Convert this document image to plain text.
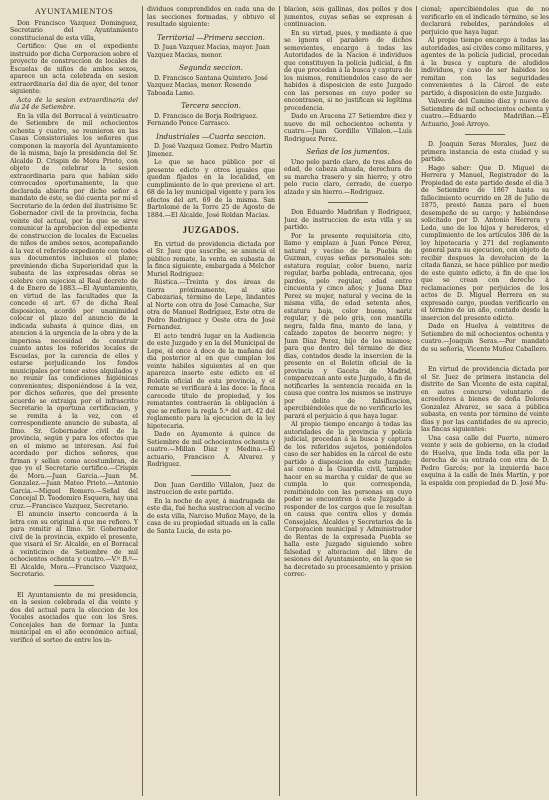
AYUNTAMIENTOS

Don Francisco Vazquez Dominguez, Secretario del Ayuntamiento constitucional de esta villa,

Certifico: Que en el expediente instruido por dicha Corporacion sobre el proyecto de construccion de locales de Escuelas de niños de ambos sexos, aparece un acta celebrada en sesion extraordinaria del dia de ayer, del tenor siguiente:

Acta de la sesion extraordinaria del dia 24 de Setiembre.

En la villa del Borracal á veinticuatro de Setiembre de mil ochocientos ochenta y cuatro, se reunieron en las Casas Consistoriales los señores que componen la mayoría del Ayuntamiento de la misma, bajo la presidencia del Sr. Alcalde D. Crispin de Mora Prieto, con objeto de celebrar la sesion extraordinaria para que habían sido convocados oportunamente, la que declarada abierta por dicho señor á mandato de éste, se dió cuenta por mí el Secretario de la órden del ilustrísimo Sr. Gobernador civil de la provincia, fecha veinte del actual, por la que se sirve comunicar la aprobacion del expediente de construccion de locales de Escuelas de niños de ambos sexos, acompañando á la vez el referido expediente con todos sus documentos inclusos el plano; previniendo dicha Superioridad que la subasta de las expresadas obras se celebre con sujecion al Real decreto de 4 de Enero de 1883.—El Ayuntamiento, en virtud de las facultades que la concede el art. 67 de dicha Real disposicion, acordó por unanimidad colocar el plazo del anuncio de la indicada subasta á quince dias, en atencion á la urgencia de la obra y de la imperiosa necesidad de construir cuanto antes los referidos locales de Escuelas, por la carencia de ellos y estarse perjudicando los fondos municipales por tener estos alquilados y no reunir las condiciones higiénicas convenientes; disponiéndose á la vez, por dichos señores, que del presente acuerdo se extraiga por el infrascrito Secretario la oportuna certificacion, y se remita á la vez, con el correspondiente anuncio de subasta, al Ilmo. Sr. Gobernador civil de la provincia, según y para los efectos que en el mismo se interesan. Así fué acordado por dichos señores, que firman y sellan como acostumbran, de que yo el Secretario certifico.—Crispin de Mora.—Juan Garcia.—Juan M. Gonzalez.—Juan Mateo Prieto.—Antonio Garcia.—Miguel Romero.—Señal del Concejal D. Teodomiro Esquera, hay una cruz.—Francisco Vazquez, Secretario.

El anuncio inserto concuerda á la letra con su original á que me refiero. Y para remitir al Ilmo. Sr. Gobernador civil de la provincia, expido el presente, que visará el Sr. Alcalde, en el Borracal á veinticinco de Setiembre de mil ochocientos ochenta y cuatro.—V.º B.º—El Alcalde, Mora.—Francisco Vazquez, Secretario.

El Ayuntamiento de mi presidencia, en la sesion celebrada el dia veinte y dos del actual para la eleccion de los Vocales asociados que con los Sres. Concejales han de formar la Junta municipal en el año económico actual, verificó el sorteo de entre los in-

dividuos comprendidos en cada una de las secciones formadas, y obtuvo el resultado siguiente:

Territorial —Primera seccion.

D. Juan Vazquez Macias, mayor. Juan Vazquez Macias, menor.

Segunda seccion.

D. Francisco Santana Quintero. José Vazquez Macias, menor. Rosendo Taboada Lamo.

Tercera seccion.

D. Francisco de Borja Rodriguez. Fernando Ponce Carrasco.

Industriales —Cuarta seccion.

D. José Vazquez Gomez. Pedro Martin Jimenez.

Lo que se hace público por el presente edicto y otros iguales que quedan fijados en la localidad, en cumplimiento de lo que previene el art. 68 de la ley municipal vigente y para los efectos del art. 69 de la misma. San Bartolomé de la Torre 25 de Agosto de 1884.—El Alcalde, José Roldan Macias.

JUZGADOS.

En virtud de providencia dictada por el Sr. Juez que suscribe, se anuncia el público remate, la venta en subasta de la finca siguiente, embargada á Melchor Muriel Rodriguez:

Rústica.—Treinta y dos áreas de tierra próximamente, al sitio Cabezarias, término de Lepe, lindantes al Norte con otra de José Camacho, Sur otra de Manuel Rodriguez, Este otra de Pedro Rodriguez y Oeste otra de José Fernandez.

El acto tendrá lugar en la Audiencia de este Juzgado y en la del Municipal de Lepe, el once á doce de la mañana del dia posterior al en que cumplan los veinte hábiles siguientes al en que aparezca inserto este edicto en el Boletín oficial de esta provincia, y el remate se verificará á las doce: la finca carecede título de propiedad, y los rematantes contraerán la obligación á que se refiere la regla 5.ª del art. 42 del reglamento para la ejecucion de la ley hipotecaria.

Dado en Ayamonte á quince de Setiembre de mil ochocientos ochenta y cuatro.—Millan Diaz y Medina.—El actuario, Francisco A. Alvarez y Rodriguez.

Don Juan Gordillo Villalon, Juez de instruccion de este partido.

En la noche de ayer, á madrugada de este dia, fué hecha sustraccion al vecino de esta villa, Narciso Muñoz Mayo, de la casa de su propiedad situada en la calle de Santa Lucía, de esta po-

blacion, seis gallinas, dos pollos y dos jumentos, cuyas señas se expresan á continuacion.

En su virtud, pues, y mediante á que se ignora el paradero de dichos semovientes, encargo á todas las Autoridades de la Nacion é individuos que constituyen la policía judicial, á fin de que procedan á la busca y captura de los mismos, remitiendolos caso de ser habidos á disposicion de este Juzgado con las personas en cuyo poder se encontrasen, si no justifican su legítima procedencia.

Dado en Aracena 27 Setiembre diez y nueve de mil ochocientos ochenta y cuatro.—Juan Gordillo Villalon.—Luis Rodriguez Perez.

Señas de los jumentos.

Uno pelo pardo claro, de tres años de edad, de cabeza ahuada, derechura de su marcha trasero y sin hierro; y otro pelo rucio claro, cerrado, de cuerpo alzado y sin hierro.—Rodriguez.

Don Eduardo Madriñan y Rodriguez, Juez de instruccion de esta villa y su partido.

Por la presente requisitoria cito, llamo y emplazo á Juan Ponce Pérez, natural y vecino de la Puebla de Guzman, cuyas señas personales son: estatura regular, color bueno, nariz regular, barba poblada, entrecana, ojos pardos, pelo regular, edad entre cincuenta y cinco años; y Juana Diaz Perez su mujer, natural y vecina de la misma villa, de edad setenta años, estatura baja, color bueno, nariz regular, y de pelo gris, con mantilla negra, falda fina, manto de lana, y calzado zapatos de becerro negro; y Juan Diaz Perez, hijo de los mismos; para que dentro del término de diez dias, contados desde la insercion de la presente en el Boletín oficial de la provincia y Gaceta de Madrid, comparezcan ante este Juzgado, á fin de notificarles la sentencia recaida en la causa que contra los mismos se instruye por delito de falsificacion, apercibiéndoles que de no verificarlo les parará el perjuicio á que haya lugar.

Al propio tiempo encargo á todas las autoridades de la provincia y policía judicial, procedan á la busca y captura de los referidos sujetos, poniéndolos caso de ser habidos en la cárcel de este partido á disposicion de este Juzgado; así como á la Guardia civil, tambien hacer en su marcha y cuidar de que se cumpla lo que corresponda, remitiéndolo con las personas en cuyo poder se encuentren á este Juzgado á responder de los cargos que le resultan en causa que contra ellos y demás Consejales, Alcaldes y Secretarios de la Corporacion municipal y Administrador de Rentas de la expresada Puebla se halla este Juzgado siguiendo sobre falsedad y alteracion del libro de sesiones del Ayuntamiento, en la que se ha decretado su procesamiento y prision correc-

cional; apercibiéndoles que de no verificarlo en el indicado término, se les declarará rebeldes, parándoles el perjuicio que haya lugar.

Al propio tiempo encargo á todas las autoridades, así civiles como militares, y agentes de la policía judicial, procedan á la busca y captura de aludidos individuos, y caso de ser habidos los remitan con las seguridades convenientes á la Cárcel de este partido, á disposicion de este Juzgado.

Valverde del Camino diez y nueve de Setiembre de mil ochocientos ochenta y cuatro.—Eduardo Madriñan.—El Actuario, José Arroyo.

D. Joaquin Seras Morales, Juez de primera instancia de esta ciudad y su partido.

Hago saber: Que D. Miguel de Herrera y Manuel, Registrador de la Propiedad de este partido desde el dia 3 de Setiembre de 1867 hasta su fallecimiento ocurrido en 28 de Julio de 1875, prestó fianza para el buen desempeño de su cargo; y habiéndose solicitado por D. Antonio Herrera y Ledo, uno de los hijos y herederos, el cumplimiento de los artículos 306 de la ley hipotecaria y 271 del reglamento general para su ejecucion, con objeto de recibir despues la devolucion de la citada fianza, se hace público por medio de este quinto edicto, á fin de que los que se crean con derecho á reclamaciones por perjuicios de los actos de D. Miguel Herrera en su expresado cargo, puedan verificarlo en el término de un año, contado desde la insercion del presente edicto.

Dado en Huelva á veintitres de Setiembre de mil ochocientos ochenta y cuatro.—Joaquin Seras.—Por mandato de su señoría, Vicente Muñoz Caballero.

En virtud de providencia dictada por el Sr. Juez de primera instancia del distrito de San Vicente de esta capital, en autos concurso voluntario de acreedores á bienes de doña Dolores Gonzalez Alvarez, se saca á pública subasta, en venta por término de veinte dias y por las cantidades de su aprecio, las fincas siguientes:

Una casa calle del Puerto, número veinte y seis de gobierno, en la ciudad de Huelva, que linda toda ella por la derecha de su entrada con otra de D. Pedro Garcés; por la izquierda hace esquina á la calle de Inés Martín, y por la espalda con propiedad de D. José Mu-
